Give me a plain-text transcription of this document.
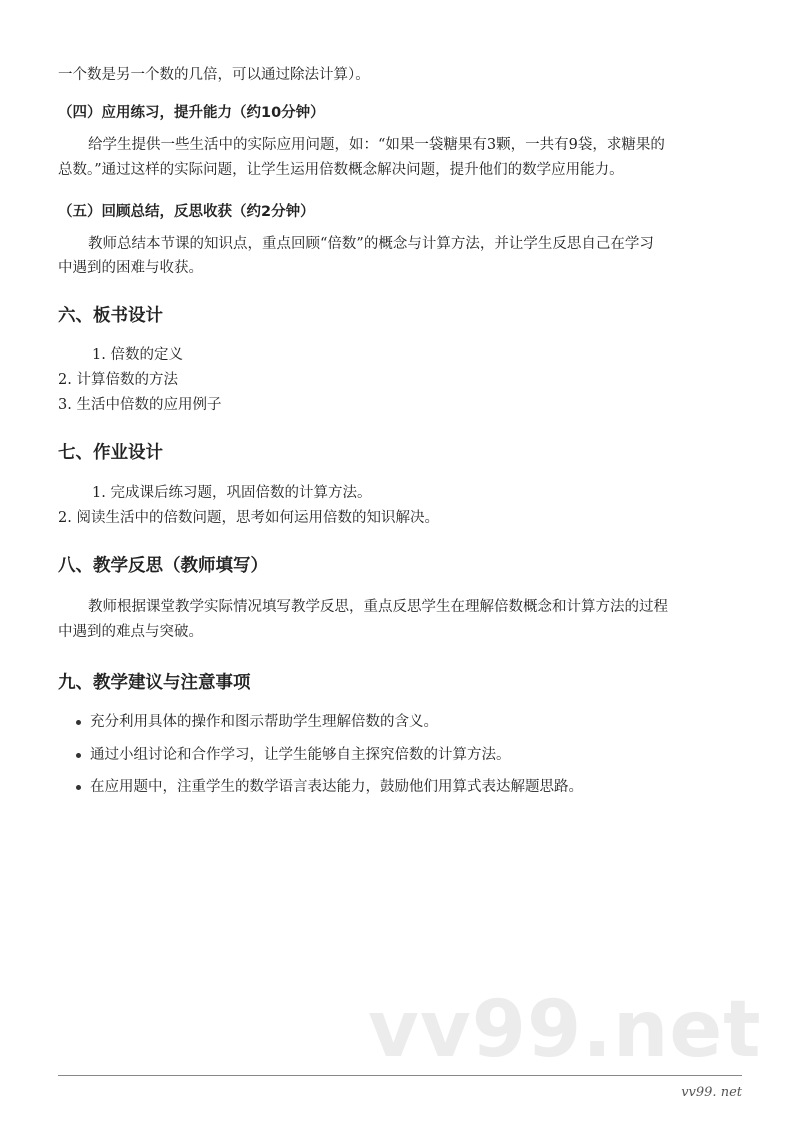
一个数是另一个数的几倍，可以通过除法计算）。
（四）应用练习，提升能力（约10分钟）
给学生提供一些生活中的实际应用问题，如：“如果一袋糖果有3颗，一共有9袋，求糖果的
总数。”通过这样的实际问题，让学生运用倍数概念解决问题，提升他们的数学应用能力。
（五）回顾总结，反思收获（约2分钟）
教师总结本节课的知识点，重点回顾“倍数”的概念与计算方法，并让学生反思自己在学习
中遇到的困难与收获。
六、板书设计
1. 倍数的定义
2. 计算倍数的方法
3. 生活中倍数的应用例子
七、作业设计
1. 完成课后练习题，巩固倍数的计算方法。
2. 阅读生活中的倍数问题，思考如何运用倍数的知识解决。
八、教学反思（教师填写）
教师根据课堂教学实际情况填写教学反思，重点反思学生在理解倍数概念和计算方法的过程
中遇到的难点与突破。
九、教学建议与注意事项
充分利用具体的操作和图示帮助学生理解倍数的含义。
通过小组讨论和合作学习，让学生能够自主探究倍数的计算方法。
在应用题中，注重学生的数学语言表达能力，鼓励他们用算式表达解题思路。
vv99.net
vv99. net
